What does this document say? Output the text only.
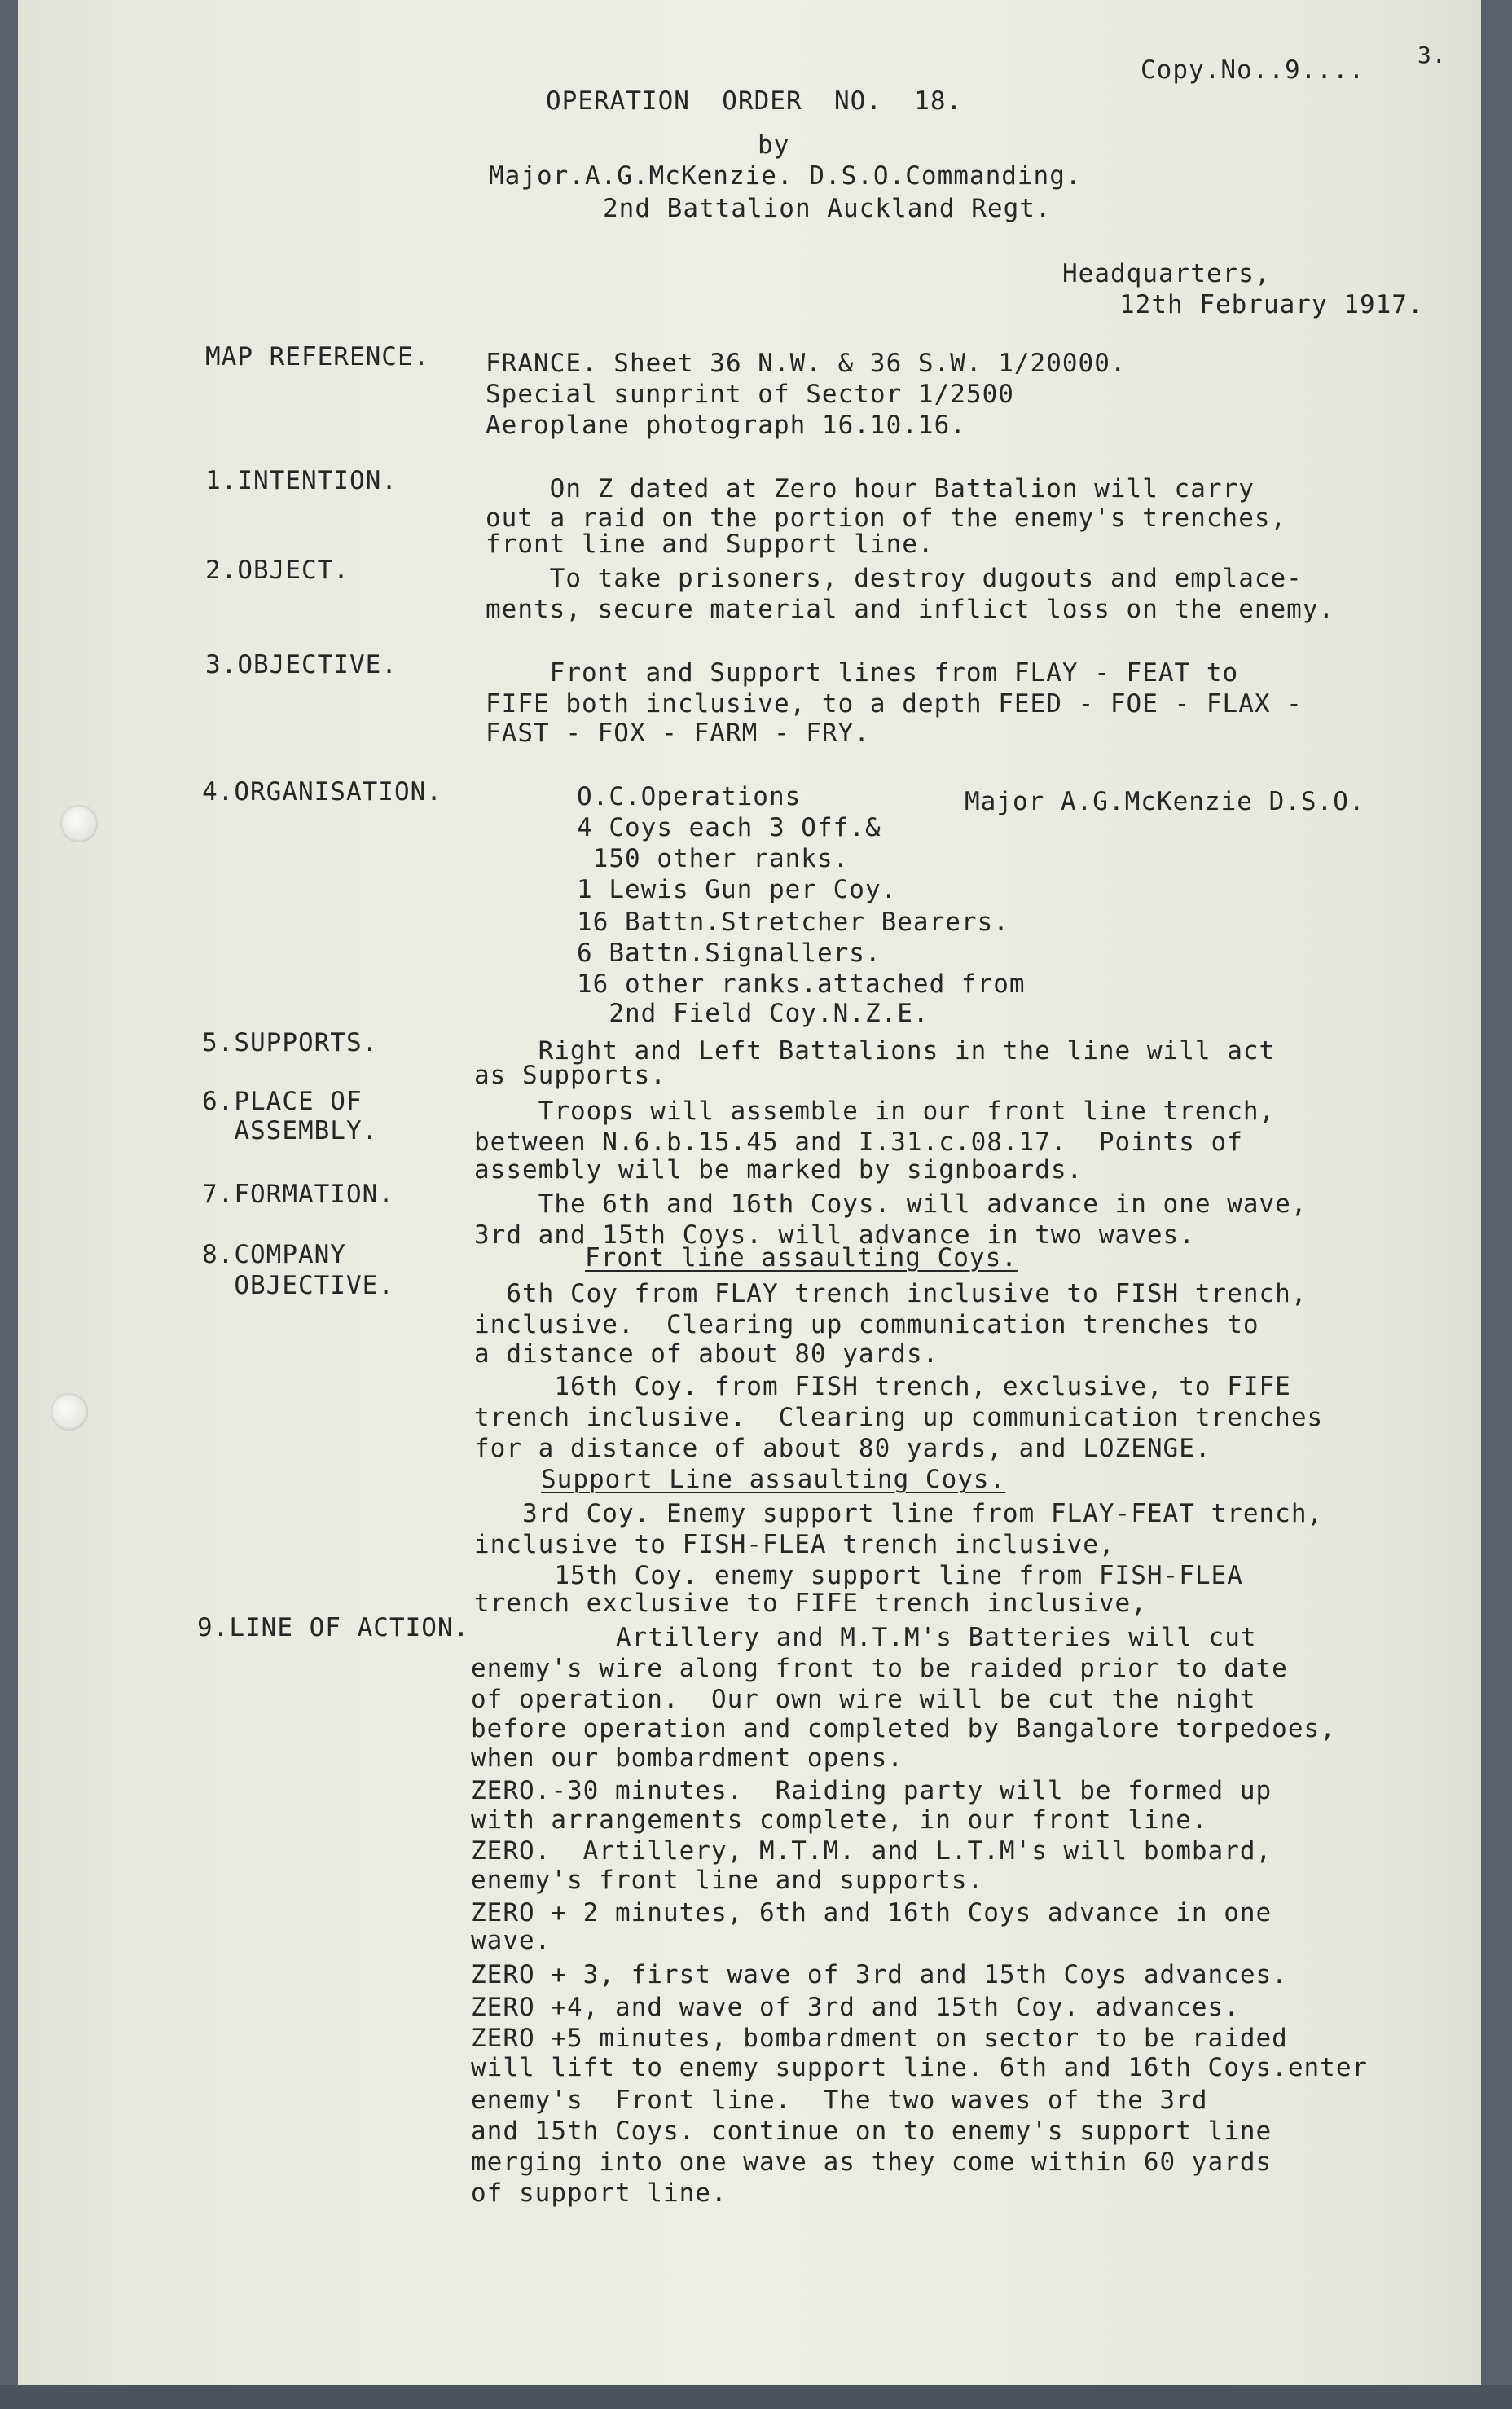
3.
Copy.No..9....
OPERATION  ORDER  NO.  18.
by
Major.A.G.McKenzie. D.S.O.Commanding.
2nd Battalion Auckland Regt.
Headquarters,
12th February 1917.
MAP REFERENCE. FRANCE. Sheet 36 N.W. & 36 S.W. 1/20000.
Special sunprint of Sector 1/2500
Aeroplane photograph 16.10.16.
1.INTENTION.	On Z dated at Zero hour Battalion will carry
out a raid on the portion of the enemy's trenches,
front line and Support line.
2.OBJECT.	To take prisoners, destroy dugouts and emplace-
ments, secure material and inflict loss on the enemy.
3.OBJECTIVE.	Front and Support lines from FLAY - FEAT to
FIFE both inclusive, to a depth FEED - FOE - FLAX -
FAST - FOX - FARM - FRY.
4.ORGANISATION.	O.C.Operations	Major A.G.McKenzie D.S.O.
4 Coys each 3 Off.&
150 other ranks.
1 Lewis Gun per Coy.
16 Battn.Stretcher Bearers.
6 Battn.Signallers.
16 other ranks.attached from
2nd Field Coy.N.Z.E.
5.SUPPORTS.	Right and Left Battalions in the line will act
as Supports.
6.PLACE OF
ASSEMBLY.
Troops will assemble in our front line trench,
between N.6.b.15.45 and I.31.c.08.17.  Points of
assembly will be marked by signboards.
7.FORMATION.	The 6th and 16th Coys. will advance in one wave,
3rd and 15th Coys. will advance in two waves.
8.COMPANY
OBJECTIVE.
Front line assaulting Coys.
6th Coy from FLAY trench inclusive to FISH trench,
inclusive.  Clearing up communication trenches to
a distance of about 80 yards.
16th Coy. from FISH trench, exclusive, to FIFE
trench inclusive.  Clearing up communication trenches
for a distance of about 80 yards, and LOZENGE.
Support Line assaulting Coys.
3rd Coy. Enemy support line from FLAY-FEAT trench,
inclusive to FISH-FLEA trench inclusive,
15th Coy. enemy support line from FISH-FLEA
trench exclusive to FIFE trench inclusive,
9.LINE OF ACTION.	Artillery and M.T.M's Batteries will cut
enemy's wire along front to be raided prior to date
of operation.  Our own wire will be cut the night
before operation and completed by Bangalore torpedoes,
when our bombardment opens.
ZERO.-30 minutes.  Raiding party will be formed up
with arrangements complete, in our front line.
ZERO.  Artillery, M.T.M. and L.T.M's will bombard,
enemy's front line and supports.
ZERO + 2 minutes, 6th and 16th Coys advance in one
wave.
ZERO + 3, first wave of 3rd and 15th Coys advances.
ZERO +4, and wave of 3rd and 15th Coy. advances.
ZERO +5 minutes, bombardment on sector to be raided
will lift to enemy support line. 6th and 16th Coys.enter
enemy's  Front line.  The two waves of the 3rd
and 15th Coys. continue on to enemy's support line
merging into one wave as they come within 60 yards
of support line.
